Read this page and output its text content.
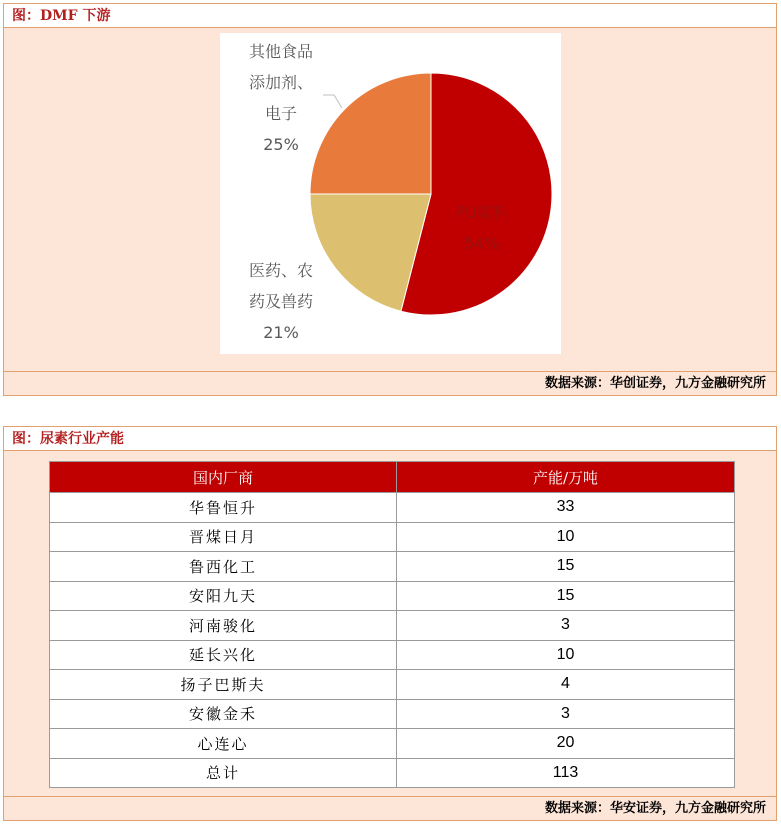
图：DMF 下游
PU浆料 54%
医药、农药及兽药 21%
其他食品添加剂、电子 25%
数据来源：华创证券，九方金融研究所
图：尿素行业产能
国内厂商	产能/万吨
华鲁恒升	33
晋煤日月	10
鲁西化工	15
安阳九天	15
河南骏化	3
延长兴化	10
扬子巴斯夫	4
安徽金禾	3
心连心	20
总计	113
数据来源：华安证券，九方金融研究所
